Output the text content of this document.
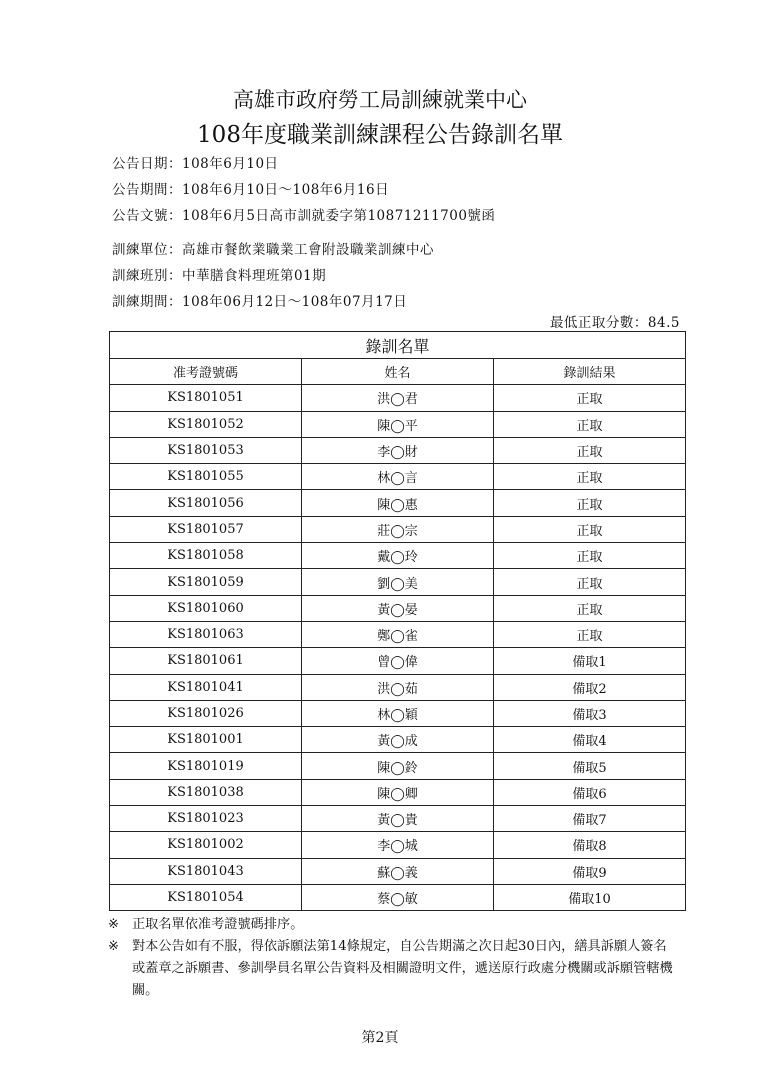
高雄市政府勞工局訓練就業中心
108年度職業訓練課程公告錄訓名單
公告日期：108年6月10日
公告期間：108年6月10日～108年6月16日
公告文號：108年6月5日高市訓就委字第10871211700號函
訓練單位：高雄市餐飲業職業工會附設職業訓練中心
訓練班別：中華膳食料理班第01期
訓練期間：108年06月12日～108年07月17日
最低正取分數：84.5
錄訓名單		
准考證號碼	姓名	錄訓結果
KS1801051	洪◯君	正取
KS1801052	陳◯平	正取
KS1801053	李◯財	正取
KS1801055	林◯言	正取
KS1801056	陳◯惠	正取
KS1801057	莊◯宗	正取
KS1801058	戴◯玲	正取
KS1801059	劉◯美	正取
KS1801060	黃◯晏	正取
KS1801063	鄭◯雀	正取
KS1801061	曾◯偉	備取1
KS1801041	洪◯茹	備取2
KS1801026	林◯穎	備取3
KS1801001	黃◯成	備取4
KS1801019	陳◯鈴	備取5
KS1801038	陳◯卿	備取6
KS1801023	黃◯貴	備取7
KS1801002	李◯城	備取8
KS1801043	蘇◯義	備取9
KS1801054	蔡◯敏	備取10
※ 正取名單依准考證號碼排序。
※ 對本公告如有不服，得依訴願法第14條規定，自公告期滿之次日起30日內，繕具訴願人簽名或蓋章之訴願書、參訓學員名單公告資料及相關證明文件，遞送原行政處分機關或訴願管轄機關。
第2頁
